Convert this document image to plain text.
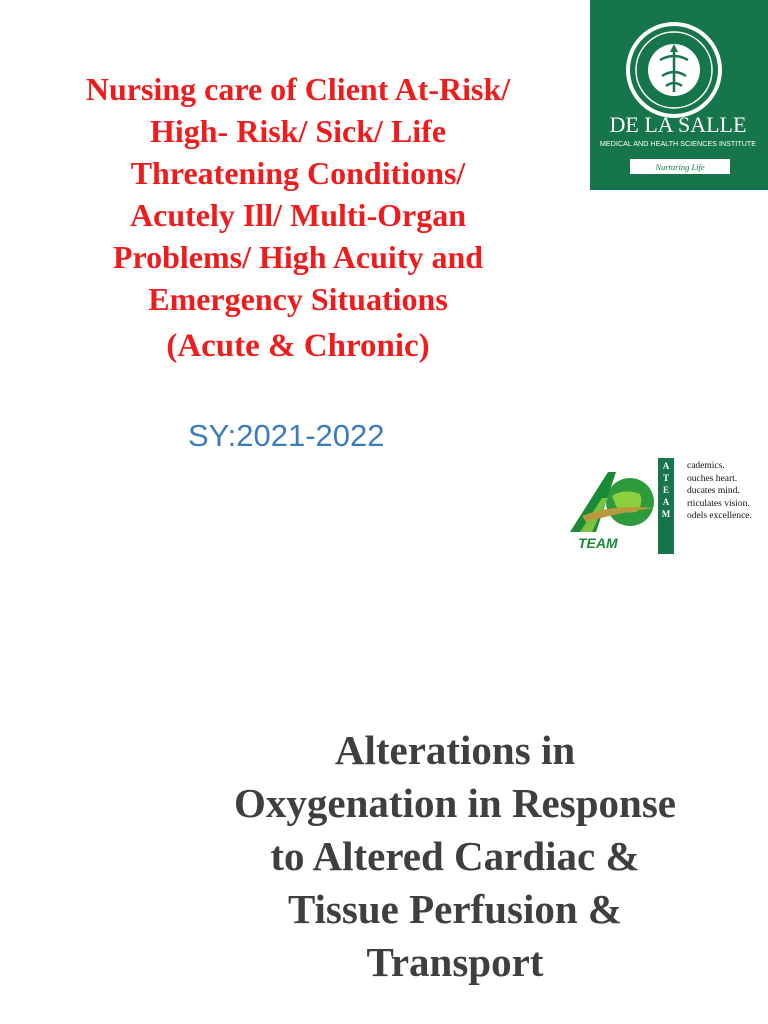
Nursing care of Client At-Risk/
High- Risk/ Sick/ Life
Threatening Conditions/
Acutely Ill/ Multi-Organ
Problems/ High Acuity and
Emergency Situations
(Acute & Chronic)
SY:2021-2022
DE LA SALLE
MEDICAL AND HEALTH SCIENCES INSTITUTE
Nurturing Life
TEAM
A
T
E
A
M
cademics.
ouches heart.
ducates mind.
rticulates vision.
odels excellence.
Alterations in
Oxygenation in Response
to Altered Cardiac &
Tissue Perfusion &
Transport
